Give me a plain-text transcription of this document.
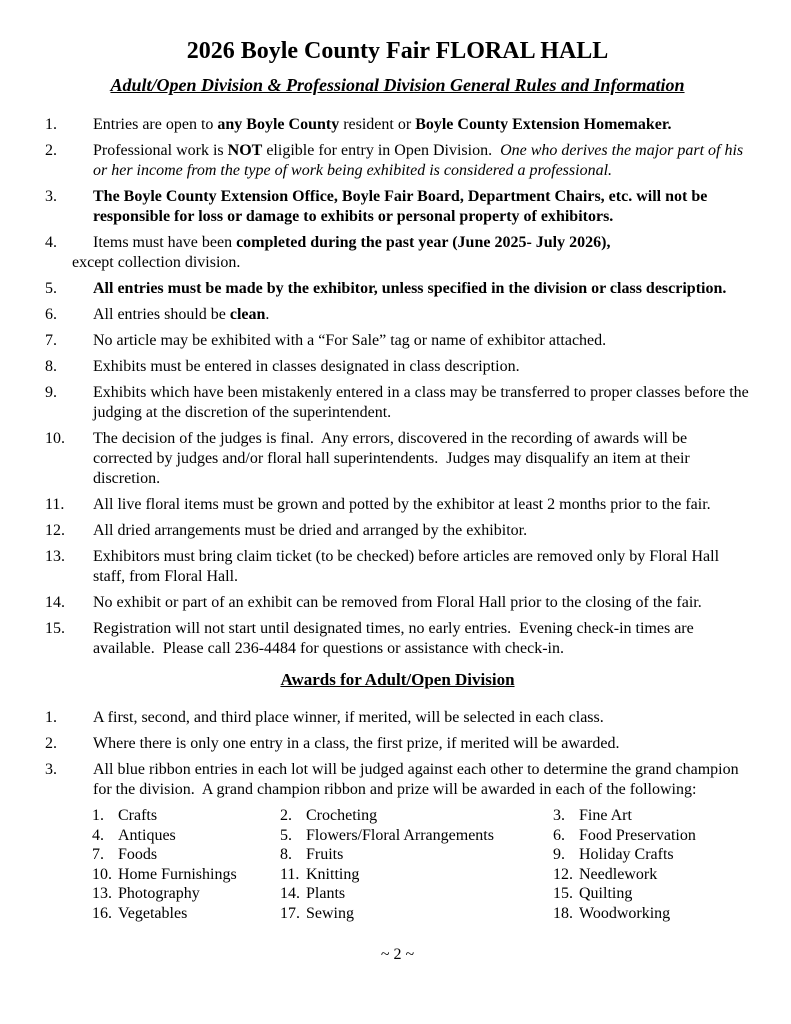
2026 Boyle County Fair FLORAL HALL
Adult/Open Division & Professional Division General Rules and Information
1.	Entries are open to any Boyle County resident or Boyle County Extension Homemaker.
2.	Professional work is NOT eligible for entry in Open Division.  One who derives the major part of his or her income from the type of work being exhibited is considered a professional.
3.	The Boyle County Extension Office, Boyle Fair Board, Department Chairs, etc. will not be responsible for loss or damage to exhibits or personal property of exhibitors.
4.	Items must have been completed during the past year (June 2025- July 2026),
except collection division.
5.	All entries must be made by the exhibitor, unless specified in the division or class description.
6.	All entries should be clean.
7.	No article may be exhibited with a “For Sale” tag or name of exhibitor attached.
8.	Exhibits must be entered in classes designated in class description.
9.	Exhibits which have been mistakenly entered in a class may be transferred to proper classes before the judging at the discretion of the superintendent.
10.	The decision of the judges is final.  Any errors, discovered in the recording of awards will be corrected by judges and/or floral hall superintendents.  Judges may disqualify an item at their discretion.
11.	All live floral items must be grown and potted by the exhibitor at least 2 months prior to the fair.
12.	All dried arrangements must be dried and arranged by the exhibitor.
13.	Exhibitors must bring claim ticket (to be checked) before articles are removed only by Floral Hall staff, from Floral Hall.
14.	No exhibit or part of an exhibit can be removed from Floral Hall prior to the closing of the fair.
15.	Registration will not start until designated times, no early entries.  Evening check-in times are available.  Please call 236-4484 for questions or assistance with check-in.
Awards for Adult/Open Division
1.	A first, second, and third place winner, if merited, will be selected in each class.
2.	Where there is only one entry in a class, the first prize, if merited will be awarded.
3.	All blue ribbon entries in each lot will be judged against each other to determine the grand champion for the division.  A grand champion ribbon and prize will be awarded in each of the following:
1. Crafts	2. Crocheting	3. Fine Art
4. Antiques	5. Flowers/Floral Arrangements	6. Food Preservation
7. Foods	8. Fruits	9. Holiday Crafts
10. Home Furnishings	11. Knitting	12. Needlework
13. Photography	14. Plants	15. Quilting
16. Vegetables	17. Sewing	18. Woodworking
~ 2 ~
